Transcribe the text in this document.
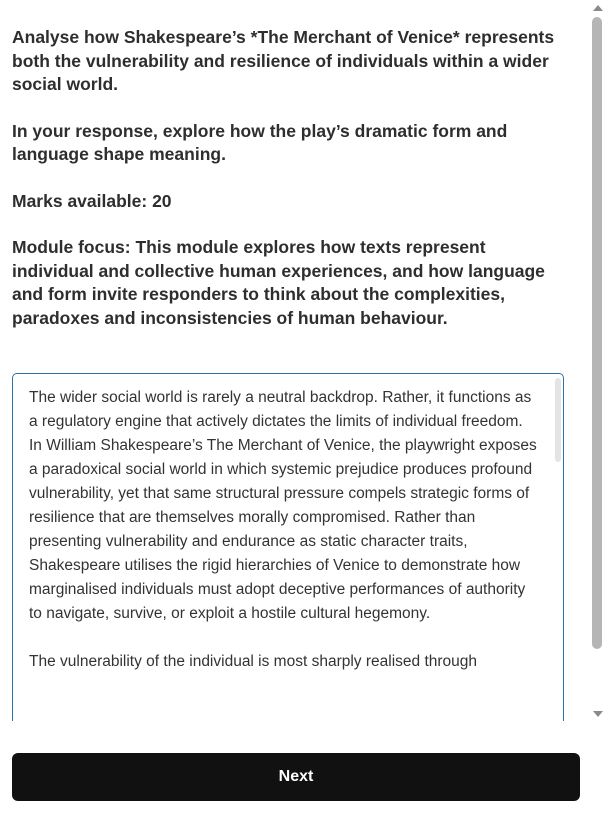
Analyse how Shakespeare’s *The Merchant of Venice* represents both the vulnerability and resilience of individuals within a wider social world.

In your response, explore how the play’s dramatic form and language shape meaning.

Marks available: 20

Module focus: This module explores how texts represent individual and collective human experiences, and how language and form invite responders to think about the complexities, paradoxes and inconsistencies of human behaviour.

The wider social world is rarely a neutral backdrop. Rather, it functions as a regulatory engine that actively dictates the limits of individual freedom. In William Shakespeare’s The Merchant of Venice, the playwright exposes a paradoxical social world in which systemic prejudice produces profound vulnerability, yet that same structural pressure compels strategic forms of resilience that are themselves morally compromised. Rather than presenting vulnerability and endurance as static character traits, Shakespeare utilises the rigid hierarchies of Venice to demonstrate how marginalised individuals must adopt deceptive performances of authority to navigate, survive, or exploit a hostile cultural hegemony.

The vulnerability of the individual is most sharply realised through

Next
